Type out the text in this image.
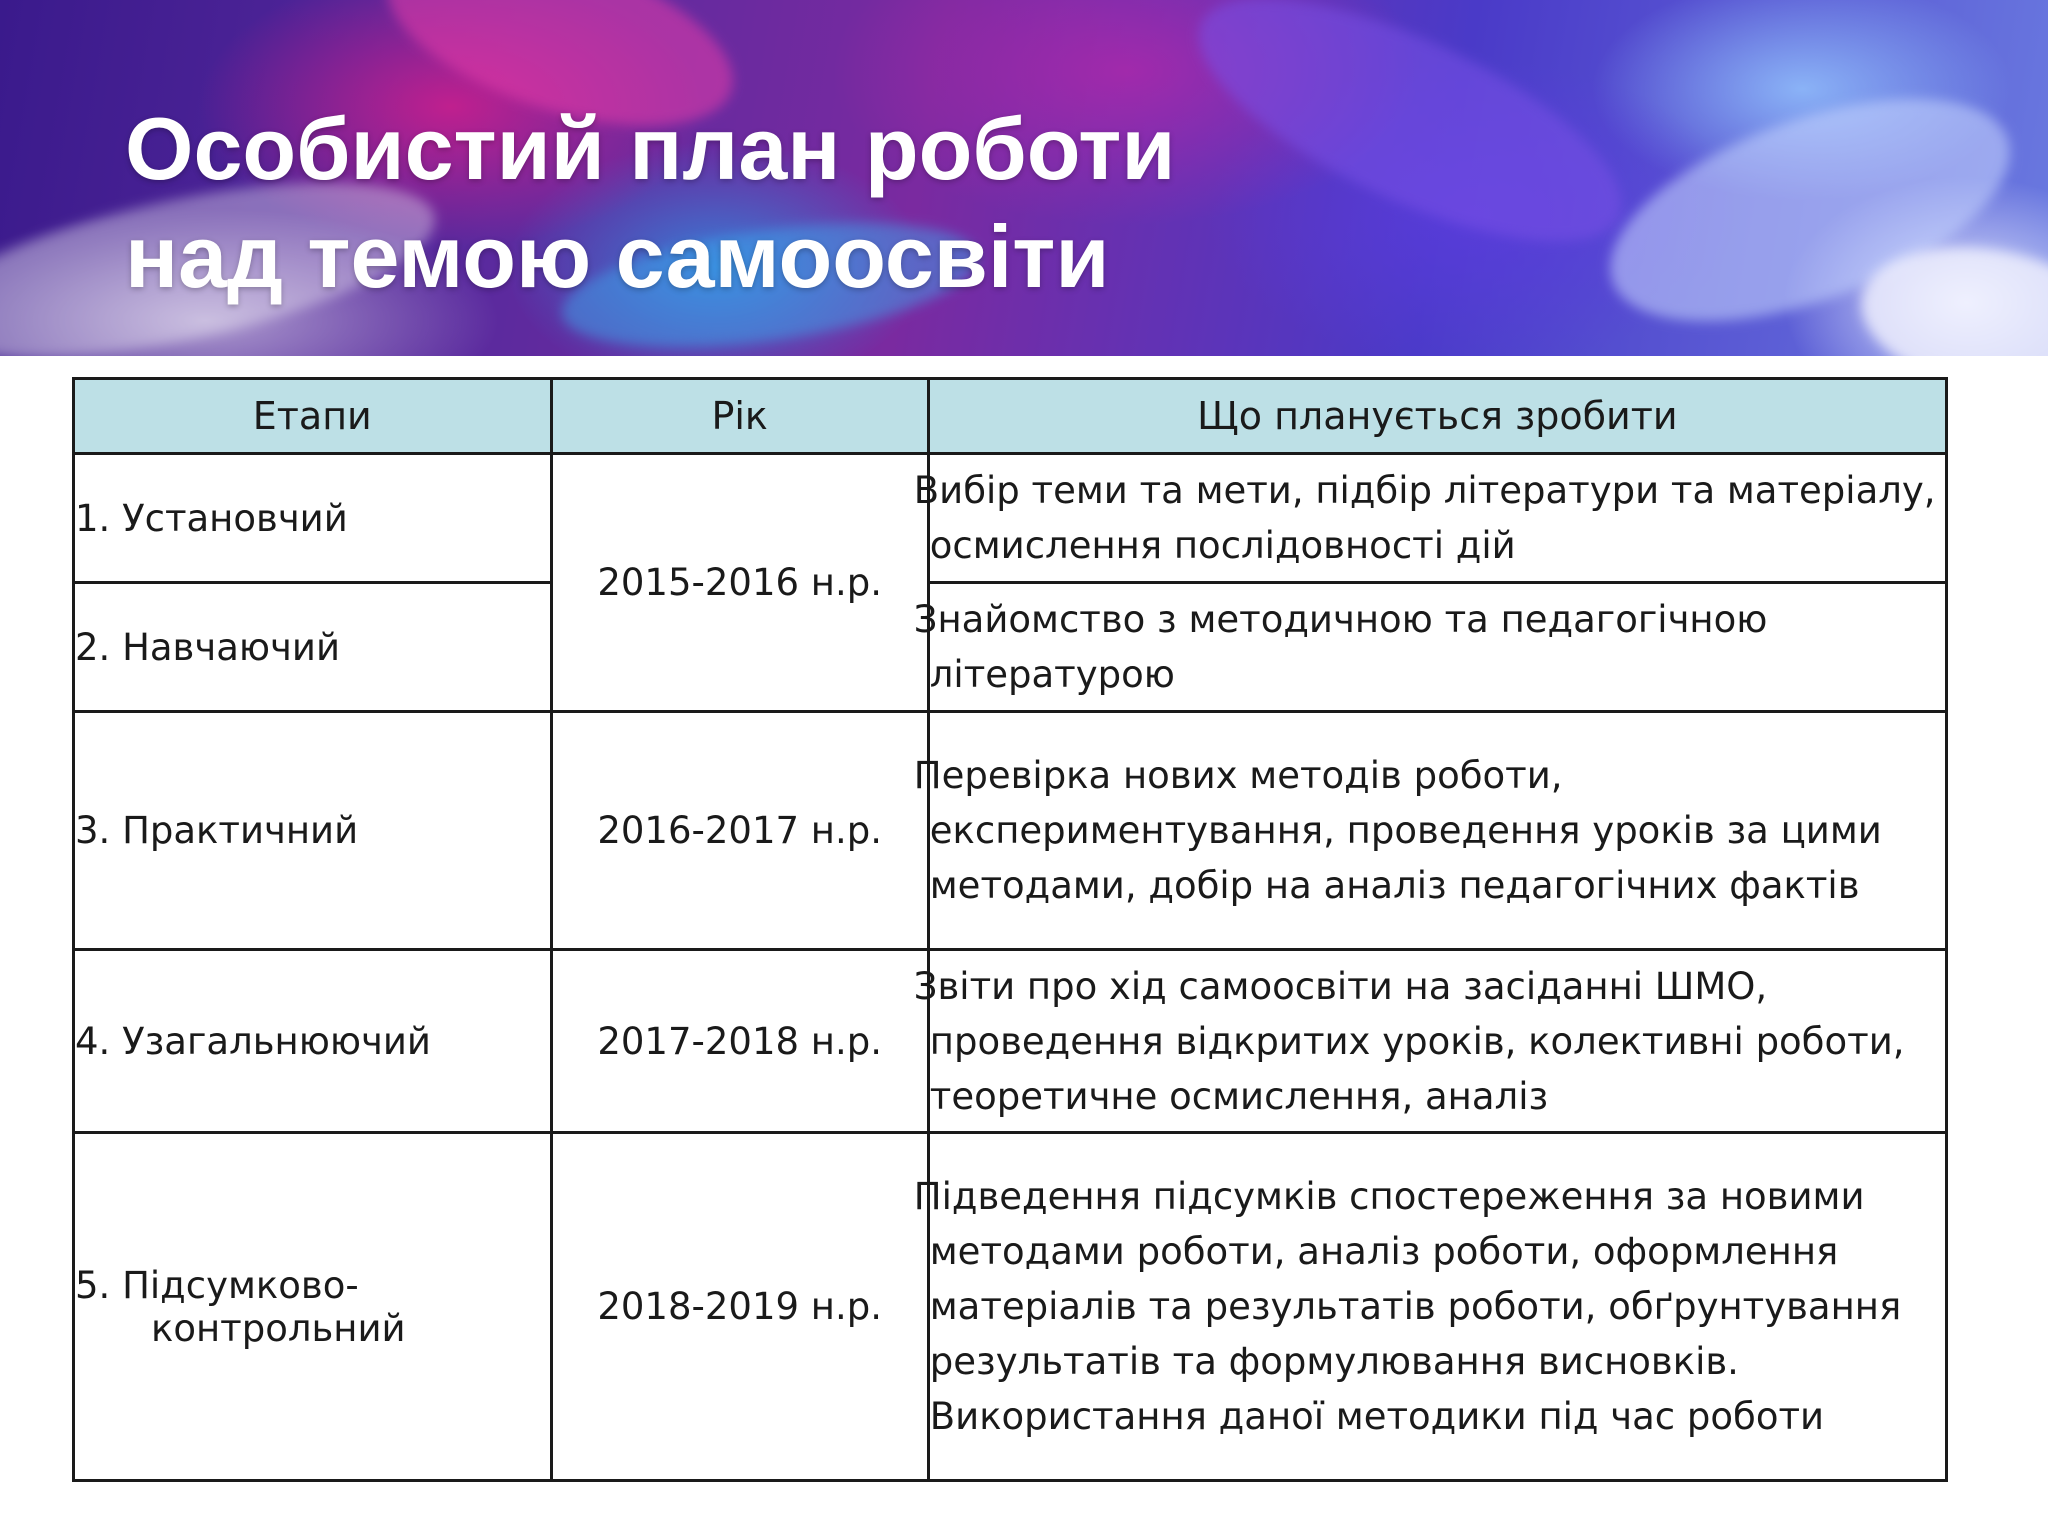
Особистий план роботи
над темою самоосвіти
Етапи	Рік	Що планується зробити
1. Установчий	2015-2016 н.р.	Вибір теми та мети, підбір літератури та матеріалу, осмислення послідовності дій
2. Навчаючий		Знайомство з методичною та педагогічною літературою
3. Практичний	2016-2017 н.р.	Перевірка нових методів роботи, експериментування, проведення уроків за цими методами, добір на аналіз педагогічних фактів
4. Узагальнюючий	2017-2018 н.р.	Звіти про хід самоосвіти на засіданні ШМО, проведення відкритих уроків, колективні роботи, теоретичне осмислення, аналіз
5. Підсумково-
контрольний	2018-2019 н.р.	Підведення підсумків спостереження за новими методами роботи, аналіз роботи, оформлення матеріалів та результатів роботи, обґрунтування результатів та формулювання висновків. Використання даної методики під час роботи
